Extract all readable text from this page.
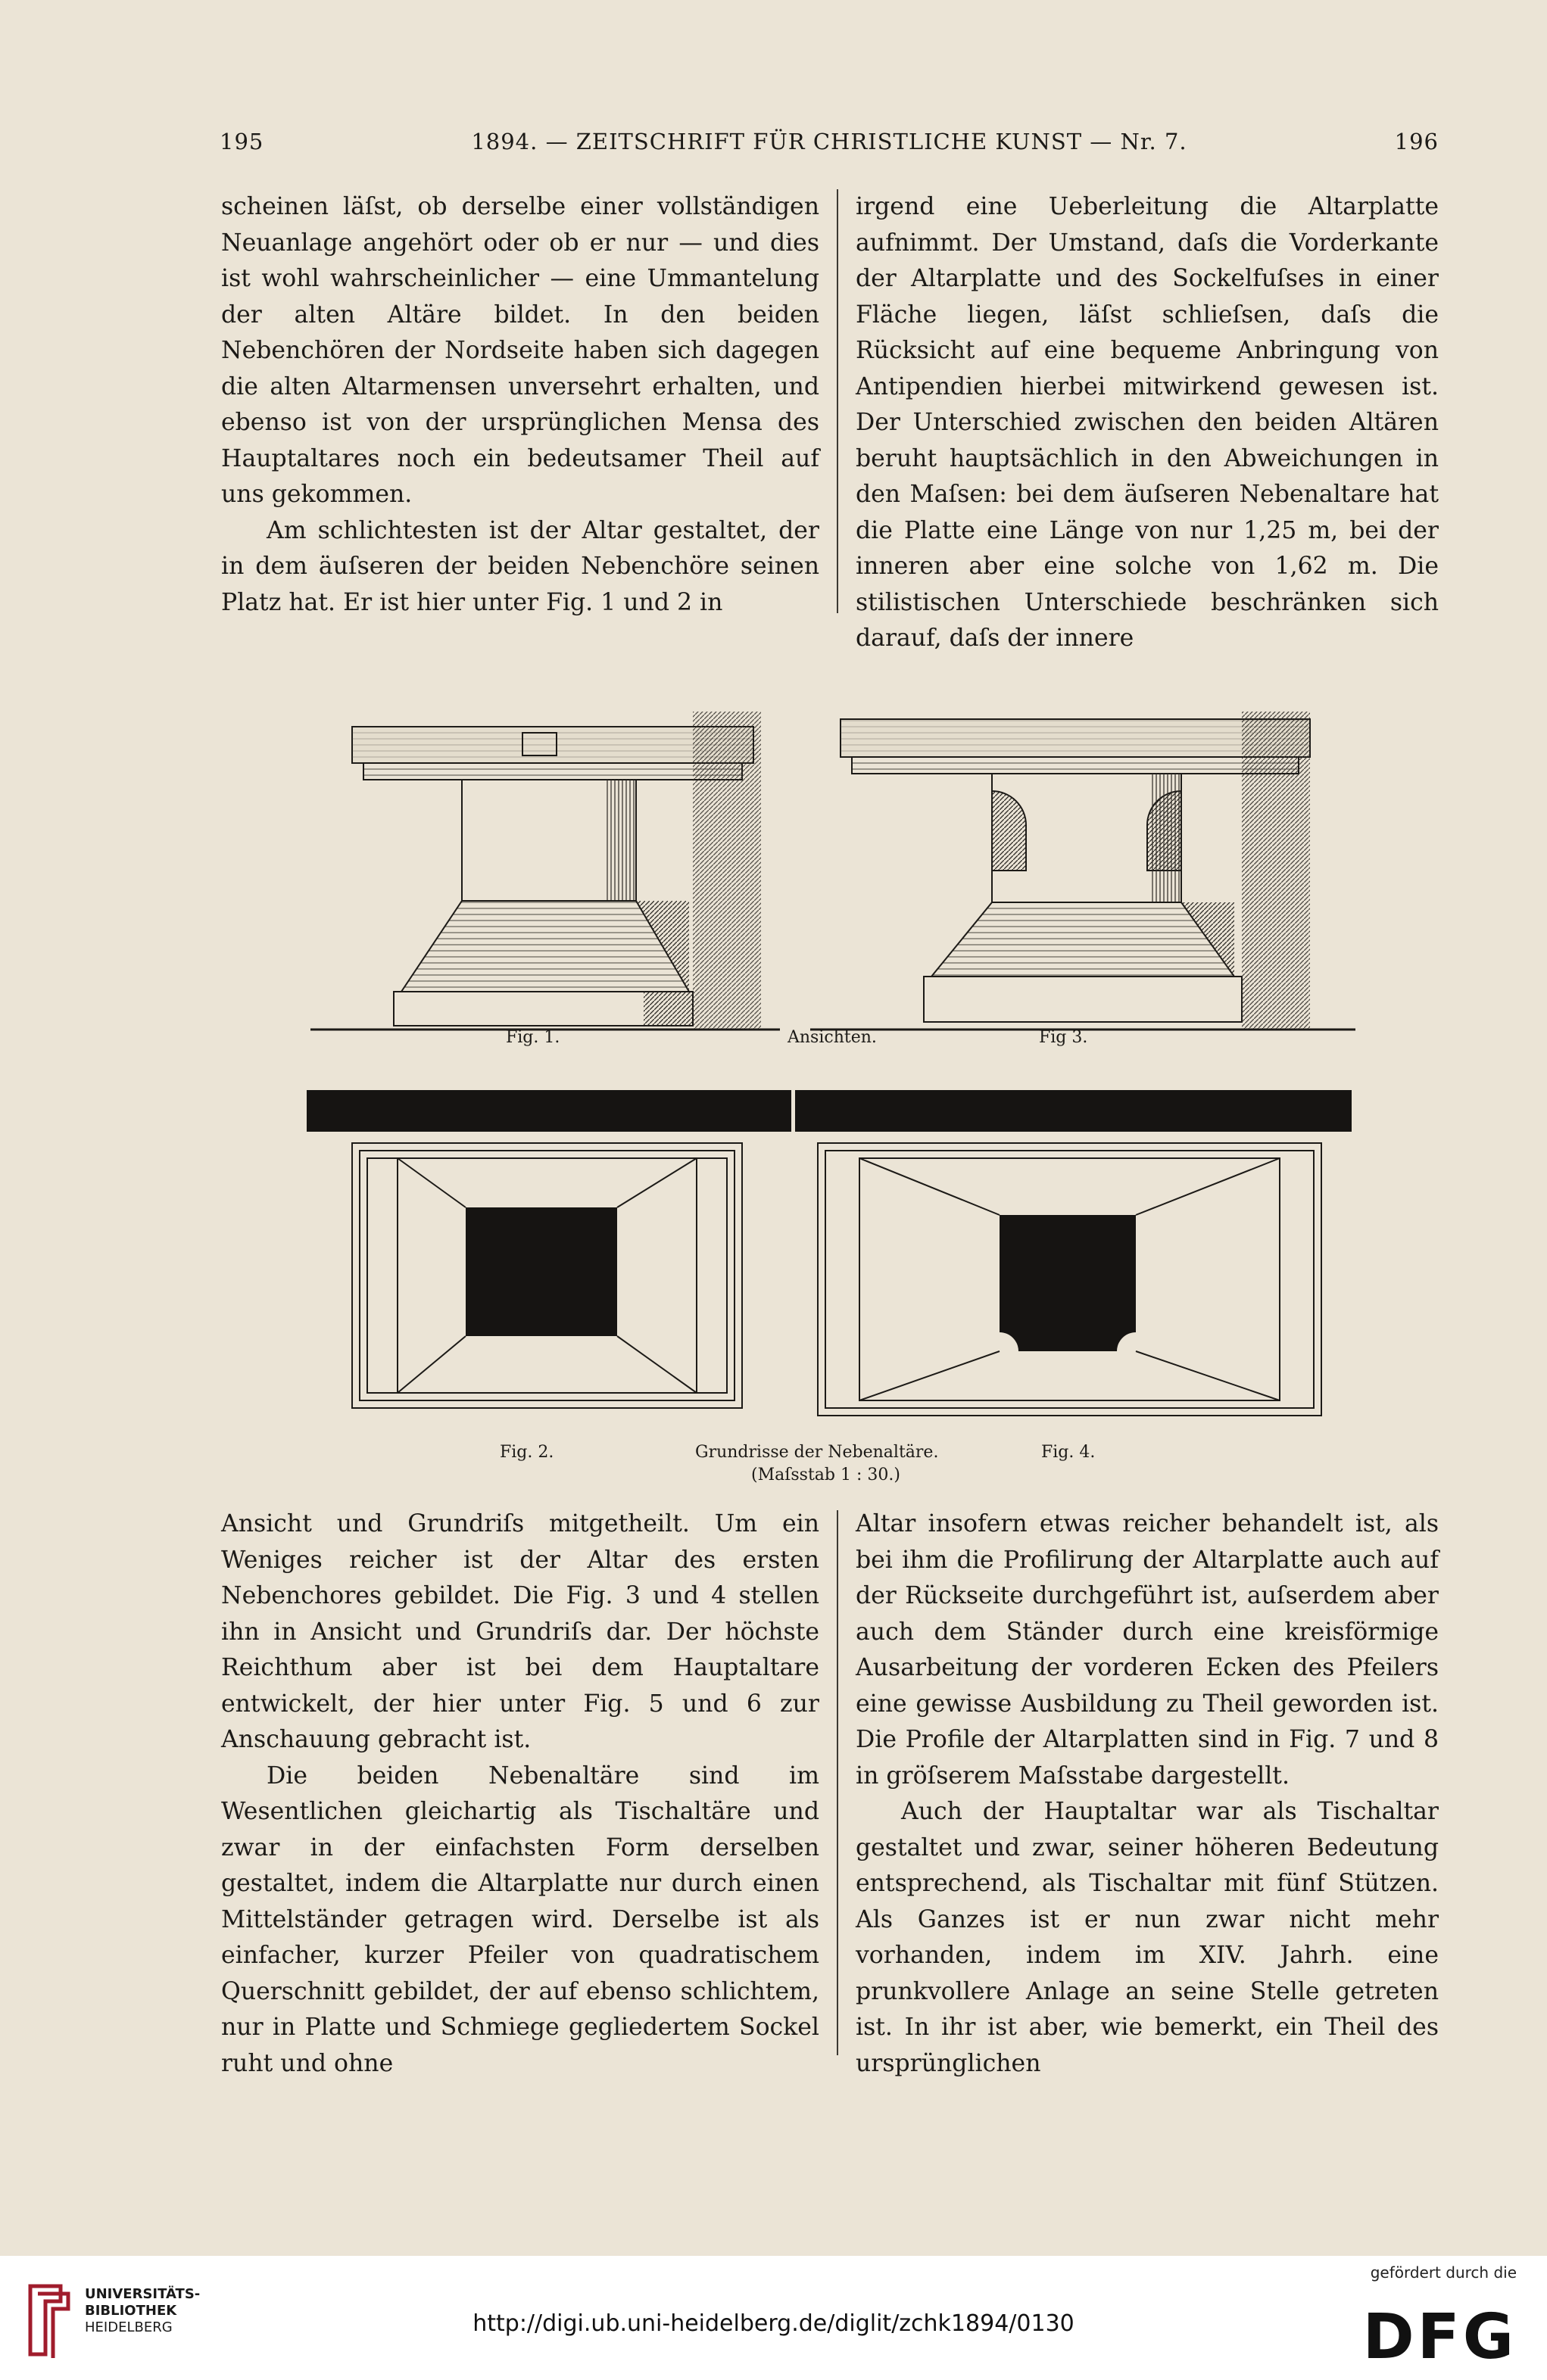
195	1894. — ZEITSCHRIFT FÜR CHRISTLICHE KUNST — Nr. 7.	196

scheinen läſst, ob derselbe einer vollständigen Neuanlage angehört oder ob er nur — und dies ist wohl wahrscheinlicher — eine Ummantelung der alten Altäre bildet. In den beiden Nebenchören der Nordseite haben sich dagegen die alten Altarmensen unversehrt erhalten, und ebenso ist von der ursprünglichen Mensa des Hauptaltares noch ein bedeutsamer Theil auf uns gekommen.

Am schlichtesten ist der Altar gestaltet, der in dem äuſseren der beiden Nebenchöre seinen Platz hat. Er ist hier unter Fig. 1 und 2 in

irgend eine Ueberleitung die Altarplatte aufnimmt. Der Umstand, daſs die Vorderkante der Altarplatte und des Sockelfuſses in einer Fläche liegen, läſst schlieſsen, daſs die Rücksicht auf eine bequeme Anbringung von Antipendien hierbei mitwirkend gewesen ist. Der Unterschied zwischen den beiden Altären beruht hauptsächlich in den Abweichungen in den Maſsen: bei dem äuſseren Nebenaltare hat die Platte eine Länge von nur 1,25 m, bei der inneren aber eine solche von 1,62 m. Die stilistischen Unterschiede beschränken sich darauf, daſs der innere

Fig. 1.	Ansichten.	Fig 3.
Fig. 2.	Grundrisse der Nebenaltäre.	Fig. 4.
(Maſsstab 1 : 30.)

Ansicht und Grundriſs mitgetheilt. Um ein Weniges reicher ist der Altar des ersten Nebenchores gebildet. Die Fig. 3 und 4 stellen ihn in Ansicht und Grundriſs dar. Der höchste Reichthum aber ist bei dem Hauptaltare entwickelt, der hier unter Fig. 5 und 6 zur Anschauung gebracht ist.

Die beiden Nebenaltäre sind im Wesentlichen gleichartig als Tischaltäre und zwar in der einfachsten Form derselben gestaltet, indem die Altarplatte nur durch einen Mittelständer getragen wird. Derselbe ist als einfacher, kurzer Pfeiler von quadratischem Querschnitt gebildet, der auf ebenso schlichtem, nur in Platte und Schmiege gegliedertem Sockel ruht und ohne

Altar insofern etwas reicher behandelt ist, als bei ihm die Profilirung der Altarplatte auch auf der Rückseite durchgeführt ist, auſserdem aber auch dem Ständer durch eine kreisförmige Ausarbeitung der vorderen Ecken des Pfeilers eine gewisse Ausbildung zu Theil geworden ist. Die Profile der Altarplatten sind in Fig. 7 und 8 in gröſserem Maſsstabe dargestellt.

Auch der Hauptaltar war als Tischaltar gestaltet und zwar, seiner höheren Bedeutung entsprechend, als Tischaltar mit fünf Stützen. Als Ganzes ist er nun zwar nicht mehr vorhanden, indem im XIV. Jahrh. eine prunkvollere Anlage an seine Stelle getreten ist. In ihr ist aber, wie bemerkt, ein Theil des ursprünglichen

UNIVERSITÄTS-
BIBLIOTHEK
HEIDELBERG	http://digi.ub.uni-heidelberg.de/diglit/zchk1894/0130
gefördert durch die
DFG
